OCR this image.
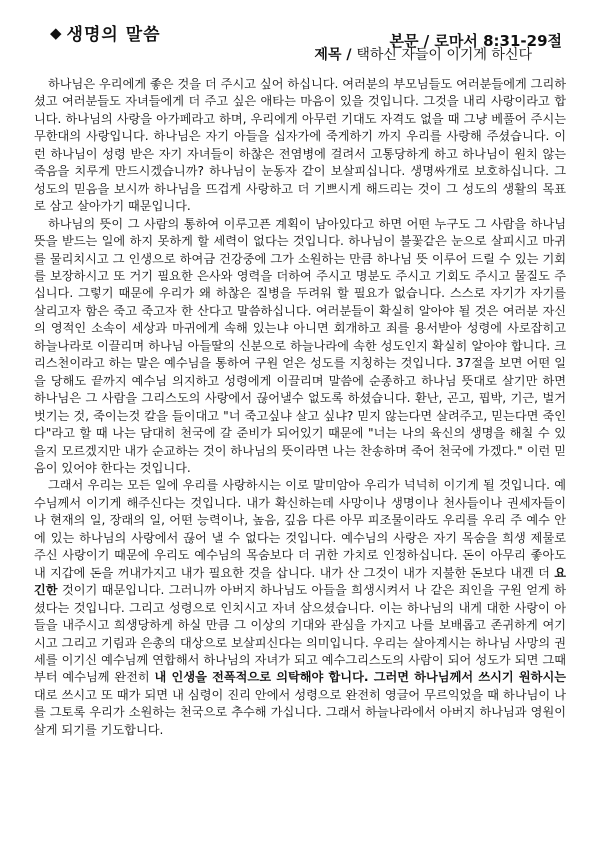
◆ 생명의 말씀	본문 / 로마서 8:31-29절
제목 / 택하신 자들이 이기게 하신다

하나님은 우리에게 좋은 것을 더 주시고 싶어 하십니다. 여러분의 부모님들도 여러분들에게 그리하셨고 여러분들도 자녀들에게 더 주고 싶은 애타는 마음이 있을 것입니다. 그것을 내리 사랑이라고 합니다. 하나님의 사랑을 아가페라고 하며, 우리에게 아무런 기대도 자격도 없을 때 그냥 베풀어 주시는 무한대의 사랑입니다. 하나님은 자기 아들을 십자가에 죽게하기 까지 우리를 사랑해 주셨습니다. 이런 하나님이 성령 받은 자기 자녀들이 하찮은 전염병에 걸려서 고통당하게 하고 하나님이 원치 않는 죽음을 치루게 만드시겠습니까? 하나님이 눈동자 같이 보살피십니다. 생명싸개로 보호하십니다. 그 성도의 믿음을 보시까 하나님을 뜨겁게 사랑하고 더 기쁘시게 해드리는 것이 그 성도의 생활의 목표로 삼고 살아가기 때문입니다.

하나님의 뜻이 그 사람의 통하여 이루고픈 계획이 남아있다고 하면 어떤 누구도 그 사람을 하나님 뜻을 받드는 일에 하지 못하게 할 세력이 없다는 것입니다. 하나님이 불꽃같은 눈으로 살피시고 마귀를 물리치시고 그 인생으로 하여금 건강중에 그가 소원하는 만큼 하나님 뜻 이루어 드릴 수 있는 기회를 보장하시고 또 거기 필요한 은사와 영력을 더하여 주시고 명분도 주시고 기회도 주시고 물질도 주십니다. 그렇기 때문에 우리가 왜 하찮은 질병을 두려워 할 필요가 없습니다. 스스로 자기가 자기를 살리고자 함은 죽고 죽고자 한 산다고 말씀하십니다. 여러분들이 확실히 알아야 될 것은 여러분 자신의 영적인 소속이 세상과 마귀에게 속해 있는냐 아니면 회개하고 죄를 용서받아 성령에 사로잡히고 하늘나라로 이끌리며 하나님 아들딸의 신분으로 하늘나라에 속한 성도인지 확실히 알아야 합니다. 크리스천이라고 하는 말은 예수님을 통하여 구원 얻은 성도를 지칭하는 것입니다. 37절을 보면 어떤 일을 당해도 끝까지 예수님 의지하고 성령에게 이끌리며 말씀에 순종하고 하나님 뜻대로 살기만 하면 하나님은 그 사람을 그리스도의 사랑에서 끊어낼수 없도록 하셨습니다. 환난, 곤고, 핍박, 기근, 벌거벗기는 것, 죽이는것 칼을 들이대고 "너 죽고싶냐 살고 싶냐? 믿지 않는다면 살려주고, 믿는다면 죽인다"라고 할 때 나는 담대히 천국에 갈 준비가 되어있기 때문에 "너는 나의 육신의 생명을 해칠 수 있을지 모르겠지만 내가 순교하는 것이 하나님의 뜻이라면 나는 찬송하며 죽어 천국에 가겠다." 이런 믿음이 있어야 한다는 것입니다.

그래서 우리는 모든 일에 우리를 사랑하시는 이로 말미암아 우리가 넉넉히 이기게 될 것입니다. 예수님께서 이기게 해주신다는 것입니다. 내가 확신하는데 사망이나 생명이나 천사들이나 권세자들이나 현재의 일, 장래의 일, 어떤 능력이나, 높음, 깊음 다른 아무 피조물이라도 우리를 우리 주 예수 안에 있는 하나님의 사랑에서 끊어 낼 수 없다는 것입니다. 예수님의 사랑은 자기 목숨을 희생 제물로 주신 사랑이기 때문에 우리도 예수님의 목숨보다 더 귀한 가치로 인정하십니다. 돈이 아무리 좋아도 내 지갑에 돈을 꺼내가지고 내가 필요한 것을 삽니다. 내가 산 그것이 내가 지불한 돈보다 내겐 더 요긴한 것이기 때문입니다. 그러니까 아버지 하나님도 아들을 희생시켜서 나 같은 죄인을 구원 얻게 하셨다는 것입니다. 그리고 성령으로 인치시고 자녀 삼으셨습니다. 이는 하나님의 내게 대한 사랑이 아들을 내주시고 희생당하게 하실 만큼 그 이상의 기대와 관심을 가지고 나를 보배롭고 존귀하게 여기시고 그리고 기림과 은총의 대상으로 보살피신다는 의미입니다. 우리는 살아계시는 하나님 사망의 권세를 이기신 예수님께 연합해서 하나님의 자녀가 되고 예수그리스도의 사람이 되어 성도가 되면 그때부터 예수님께 완전히 내 인생을 전폭적으로 의탁해야 합니다. 그러면 하나님께서 쓰시기 원하시는 대로 쓰시고 또 때가 되면 내 심령이 진리 안에서 성령으로 완전히 영글어 무르익었을 때 하나님이 나를 그토록 우리가 소원하는 천국으로 추수해 가십니다. 그래서 하늘나라에서 아버지 하나님과 영원이 살게 되기를 기도합니다.
